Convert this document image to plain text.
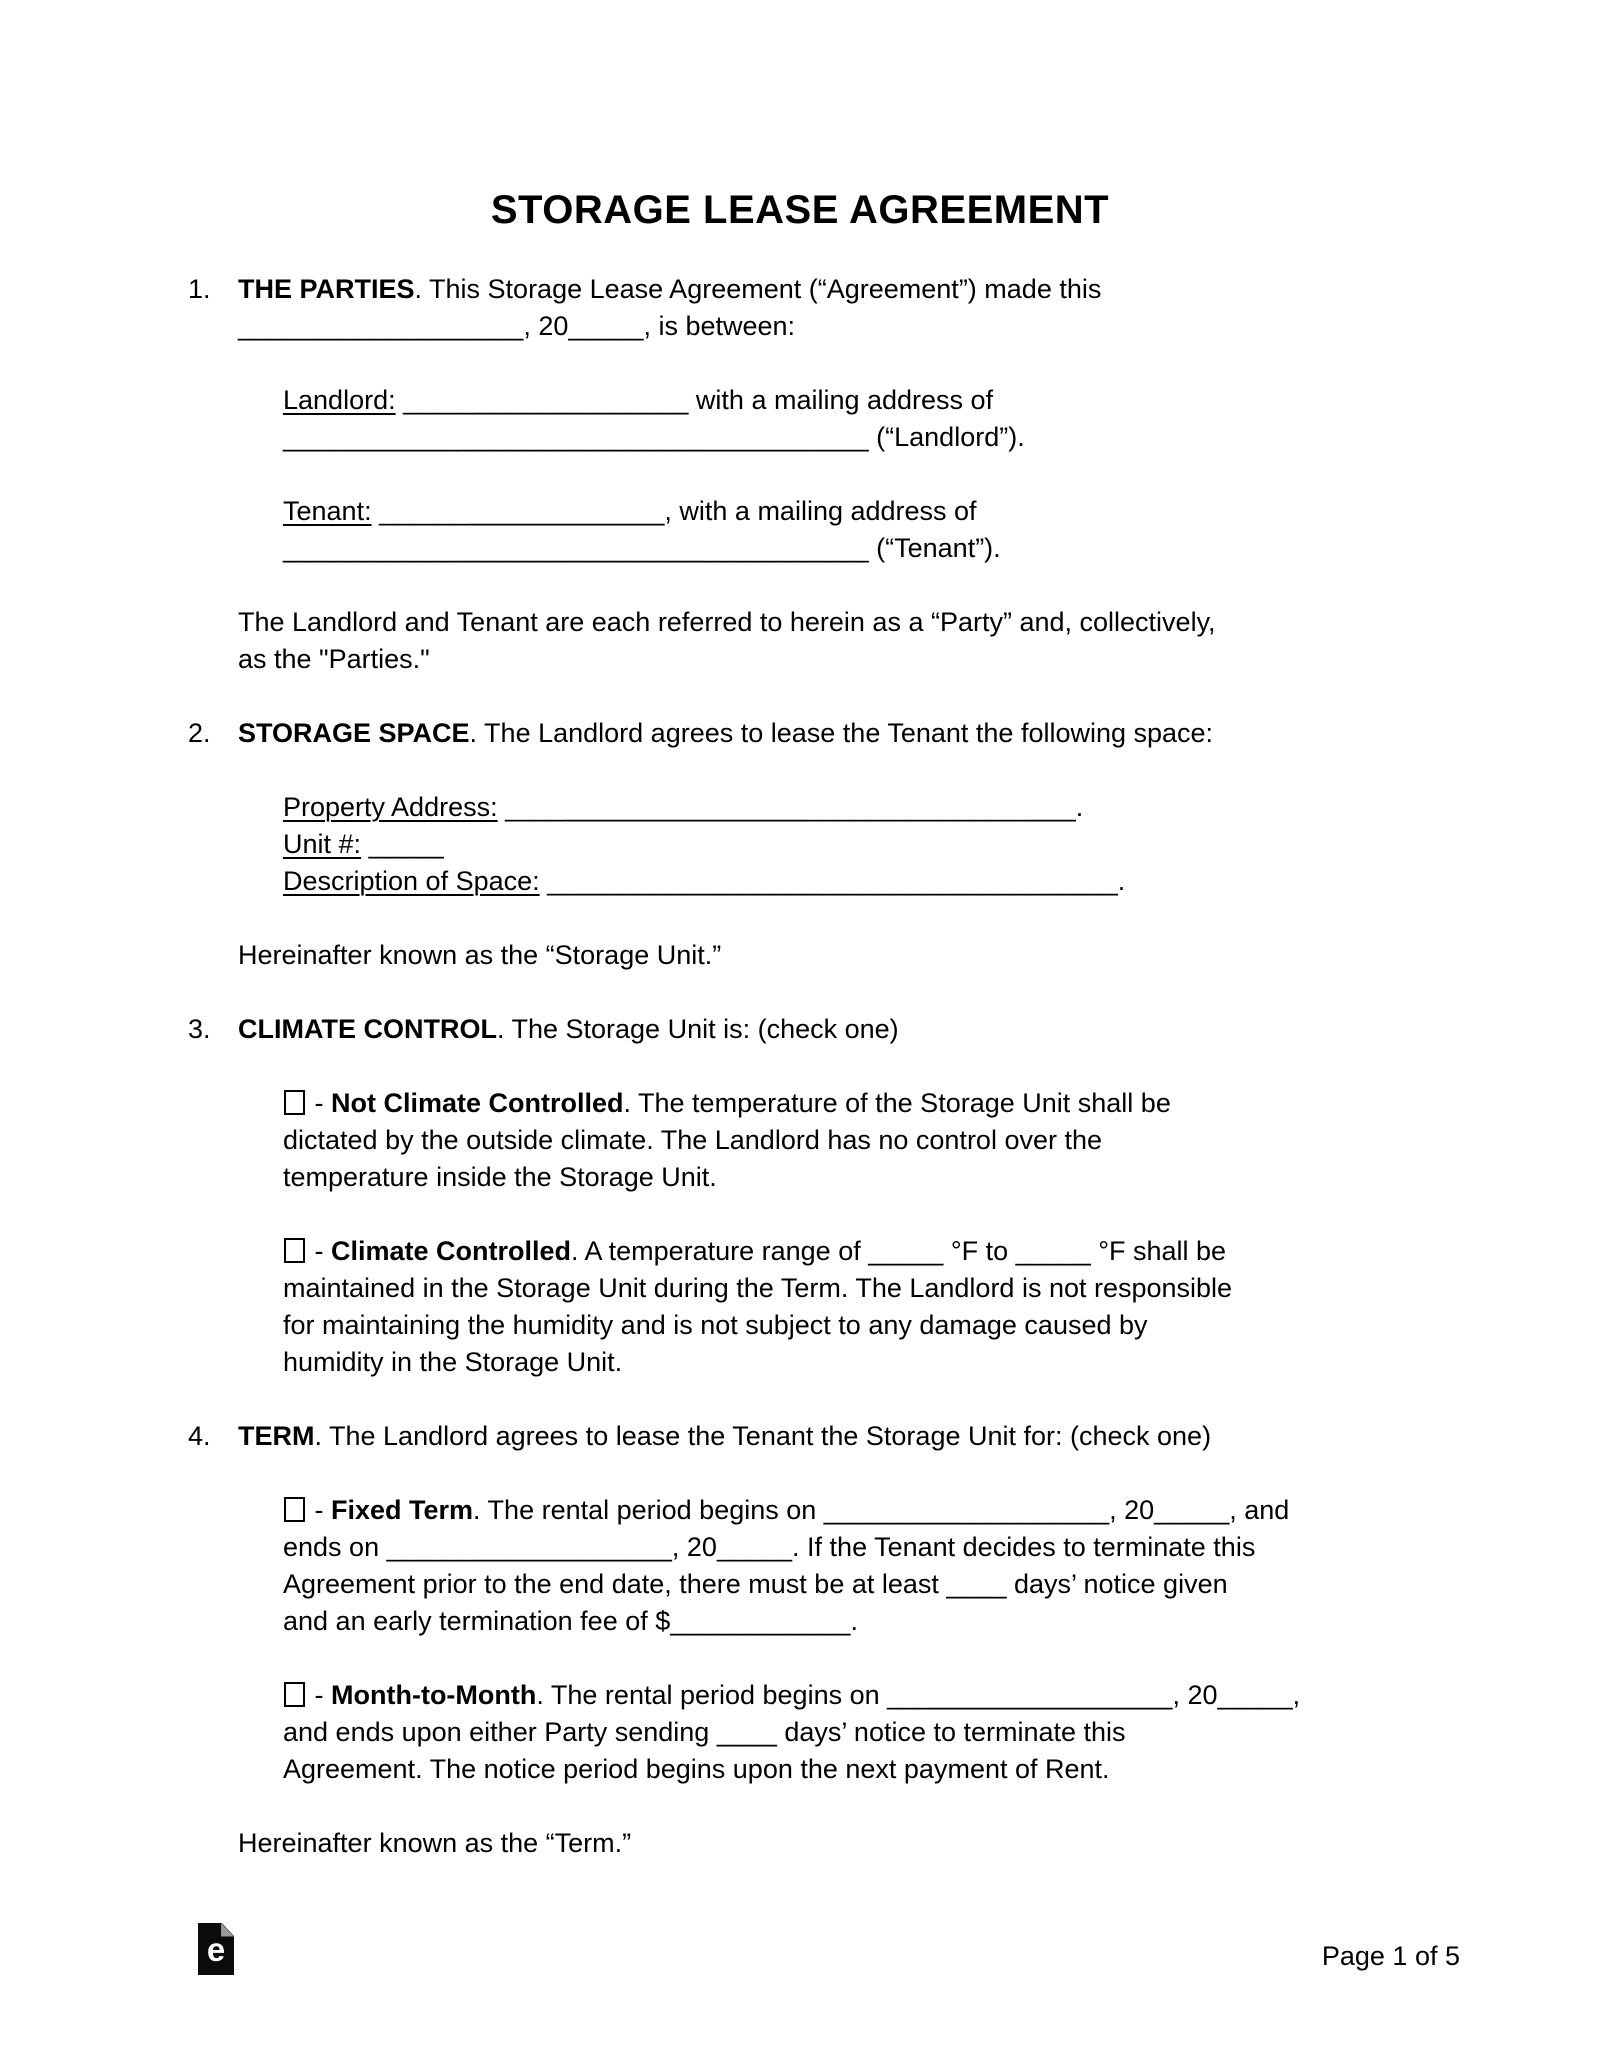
STORAGE LEASE AGREEMENT
1.	THE PARTIES. This Storage Lease Agreement (“Agreement”) made this
___________________, 20_____, is between:
Landlord: ___________________ with a mailing address of
_______________________________________ (“Landlord”).
Tenant: ___________________, with a mailing address of
_______________________________________ (“Tenant”).
The Landlord and Tenant are each referred to herein as a “Party” and, collectively,
as the "Parties."
2.	STORAGE SPACE. The Landlord agrees to lease the Tenant the following space:
Property Address: ______________________________________.
Unit #: _____
Description of Space: ______________________________________.
Hereinafter known as the “Storage Unit.”
3.	CLIMATE CONTROL. The Storage Unit is: (check one)
- Not Climate Controlled. The temperature of the Storage Unit shall be
dictated by the outside climate. The Landlord has no control over the
temperature inside the Storage Unit.
- Climate Controlled. A temperature range of _____ °F to _____ °F shall be
maintained in the Storage Unit during the Term. The Landlord is not responsible
for maintaining the humidity and is not subject to any damage caused by
humidity in the Storage Unit.
4.	TERM. The Landlord agrees to lease the Tenant the Storage Unit for: (check one)
- Fixed Term. The rental period begins on ___________________, 20_____, and
ends on ___________________, 20_____. If the Tenant decides to terminate this
Agreement prior to the end date, there must be at least ____ days’ notice given
and an early termination fee of $____________.
- Month-to-Month. The rental period begins on ___________________, 20_____,
and ends upon either Party sending ____ days’ notice to terminate this
Agreement. The notice period begins upon the next payment of Rent.
Hereinafter known as the “Term.”
e	Page 1 of 5
